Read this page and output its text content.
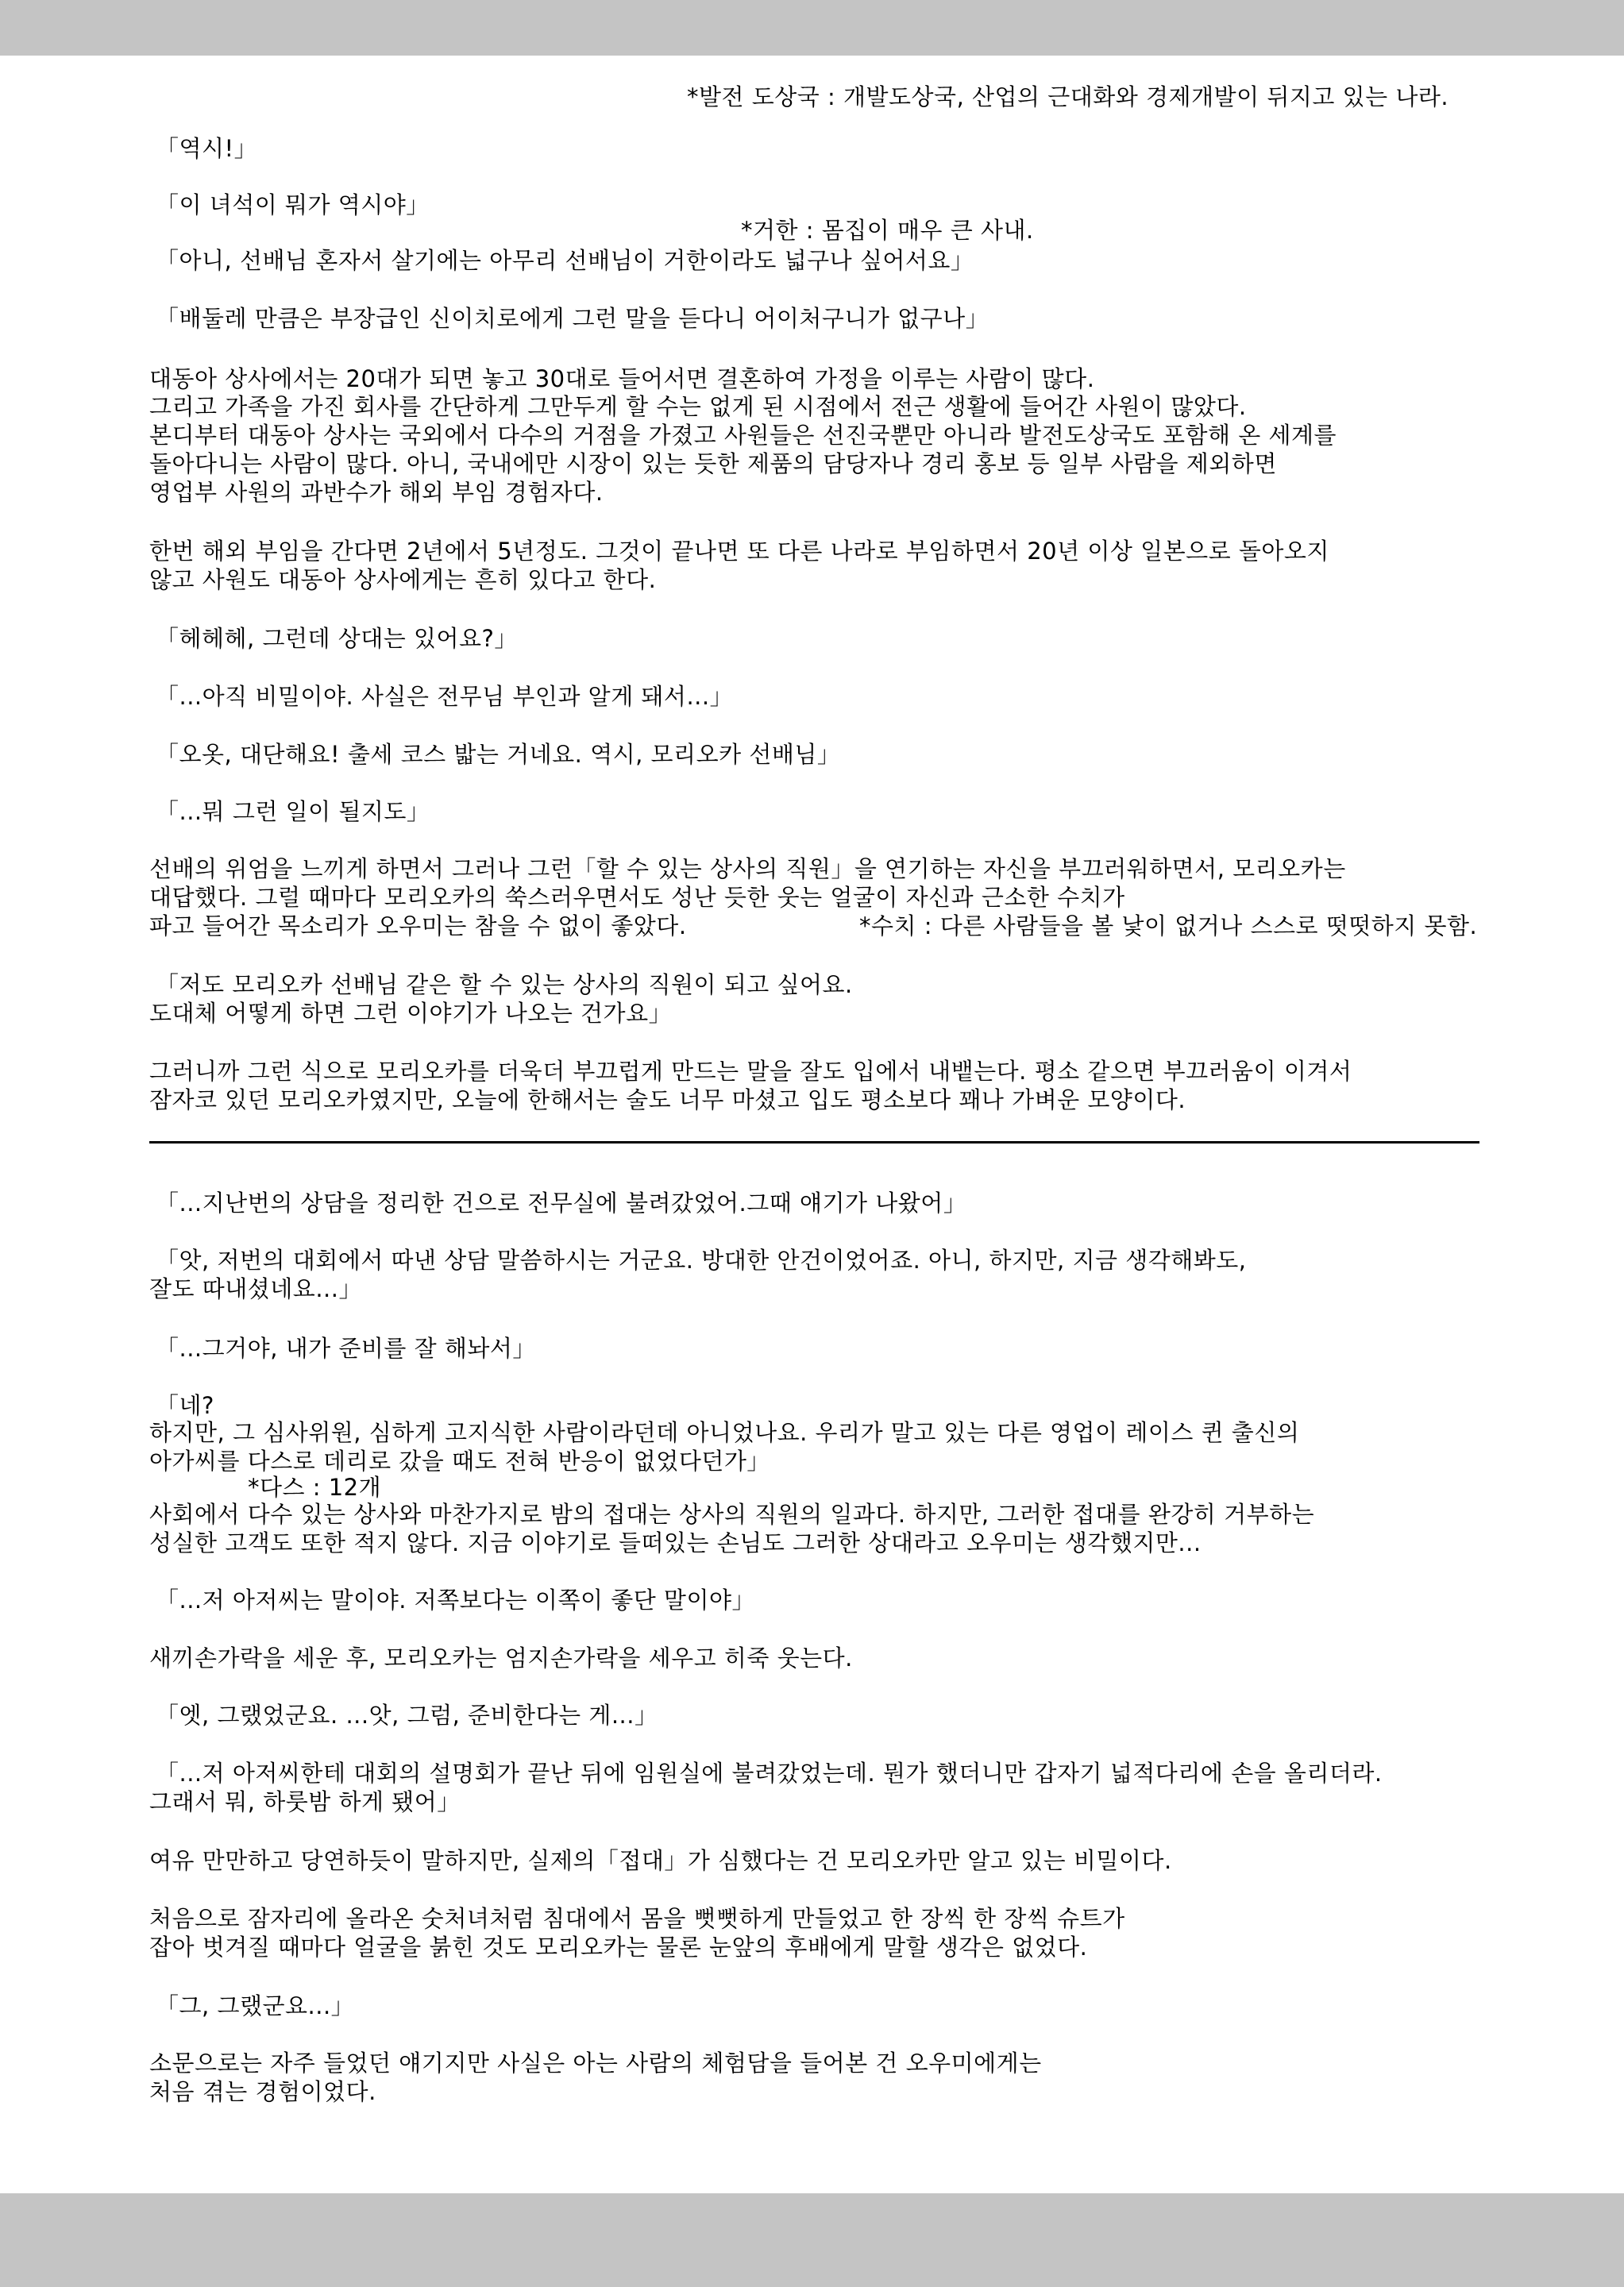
*발전 도상국 : 개발도상국, 산업의 근대화와 경제개발이 뒤지고 있는 나라.
「역시!」
「이 녀석이 뭐가 역시야」
*거한 : 몸집이 매우 큰 사내.
「아니, 선배님 혼자서 살기에는 아무리 선배님이 거한이라도 넓구나 싶어서요」
「배둘레 만큼은 부장급인 신이치로에게 그런 말을 듣다니 어이처구니가 없구나」
대동아 상사에서는 20대가 되면 놓고 30대로 들어서면 결혼하여 가정을 이루는 사람이 많다.
그리고 가족을 가진 회사를 간단하게 그만두게 할 수는 없게 된 시점에서 전근 생활에 들어간 사원이 많았다.
본디부터 대동아 상사는 국외에서 다수의 거점을 가졌고 사원들은 선진국뿐만 아니라 발전도상국도 포함해 온 세계를
돌아다니는 사람이 많다. 아니, 국내에만 시장이 있는 듯한 제품의 담당자나 경리 홍보 등 일부 사람을 제외하면
영업부 사원의 과반수가 해외 부임 경험자다.
한번 해외 부임을 간다면 2년에서 5년정도. 그것이 끝나면 또 다른 나라로 부임하면서 20년 이상 일본으로 돌아오지
않고 사원도 대동아 상사에게는 흔히 있다고 한다.
「헤헤헤, 그런데 상대는 있어요?」
「...아직 비밀이야. 사실은 전무님 부인과 알게 돼서...」
「오옷, 대단해요! 출세 코스 밟는 거네요. 역시, 모리오카 선배님」
「...뭐 그런 일이 될지도」
선배의 위엄을 느끼게 하면서 그러나 그런「할 수 있는 상사의 직원」을 연기하는 자신을 부끄러워하면서, 모리오카는
대답했다. 그럴 때마다 모리오카의 쑥스러우면서도 성난 듯한 웃는 얼굴이 자신과 근소한 수치가
파고 들어간 목소리가 오우미는 참을 수 없이 좋았다.	*수치 : 다른 사람들을 볼 낯이 없거나 스스로 떳떳하지 못함.
「저도 모리오카 선배님 같은 할 수 있는 상사의 직원이 되고 싶어요.
도대체 어떻게 하면 그런 이야기가 나오는 건가요」
그러니까 그런 식으로 모리오카를 더욱더 부끄럽게 만드는 말을 잘도 입에서 내뱉는다. 평소 같으면 부끄러움이 이겨서
잠자코 있던 모리오카였지만, 오늘에 한해서는 술도 너무 마셨고 입도 평소보다 꽤나 가벼운 모양이다.
「...지난번의 상담을 정리한 건으로 전무실에 불려갔었어.그때 얘기가 나왔어」
「앗, 저번의 대회에서 따낸 상담 말씀하시는 거군요. 방대한 안건이었어죠. 아니, 하지만, 지금 생각해봐도,
잘도 따내셨네요...」
「...그거야, 내가 준비를 잘 해놔서」
「네?
하지만, 그 심사위원, 심하게 고지식한 사람이라던데 아니었나요. 우리가 말고 있는 다른 영업이 레이스 퀸 출신의
아가씨를 다스로 데리로 갔을 때도 전혀 반응이 없었다던가」
*다스 : 12개
사회에서 다수 있는 상사와 마찬가지로 밤의 접대는 상사의 직원의 일과다. 하지만, 그러한 접대를 완강히 거부하는
성실한 고객도 또한 적지 않다. 지금 이야기로 들떠있는 손님도 그러한 상대라고 오우미는 생각했지만...
「...저 아저씨는 말이야. 저쪽보다는 이쪽이 좋단 말이야」
새끼손가락을 세운 후, 모리오카는 엄지손가락을 세우고 히죽 웃는다.
「엣, 그랬었군요. ...앗, 그럼, 준비한다는 게...」
「...저 아저씨한테 대회의 설명회가 끝난 뒤에 임원실에 불려갔었는데. 뭔가 했더니만 갑자기 넓적다리에 손을 올리더라.
그래서 뭐, 하룻밤 하게 됐어」
여유 만만하고 당연하듯이 말하지만, 실제의「접대」가 심했다는 건 모리오카만 알고 있는 비밀이다.
처음으로 잠자리에 올라온 숫처녀처럼 침대에서 몸을 뻣뻣하게 만들었고 한 장씩 한 장씩 슈트가
잡아 벗겨질 때마다 얼굴을 붉힌 것도 모리오카는 물론 눈앞의 후배에게 말할 생각은 없었다.
「그, 그랬군요...」
소문으로는 자주 들었던 얘기지만 사실은 아는 사람의 체험담을 들어본 건 오우미에게는
처음 겪는 경험이었다.
